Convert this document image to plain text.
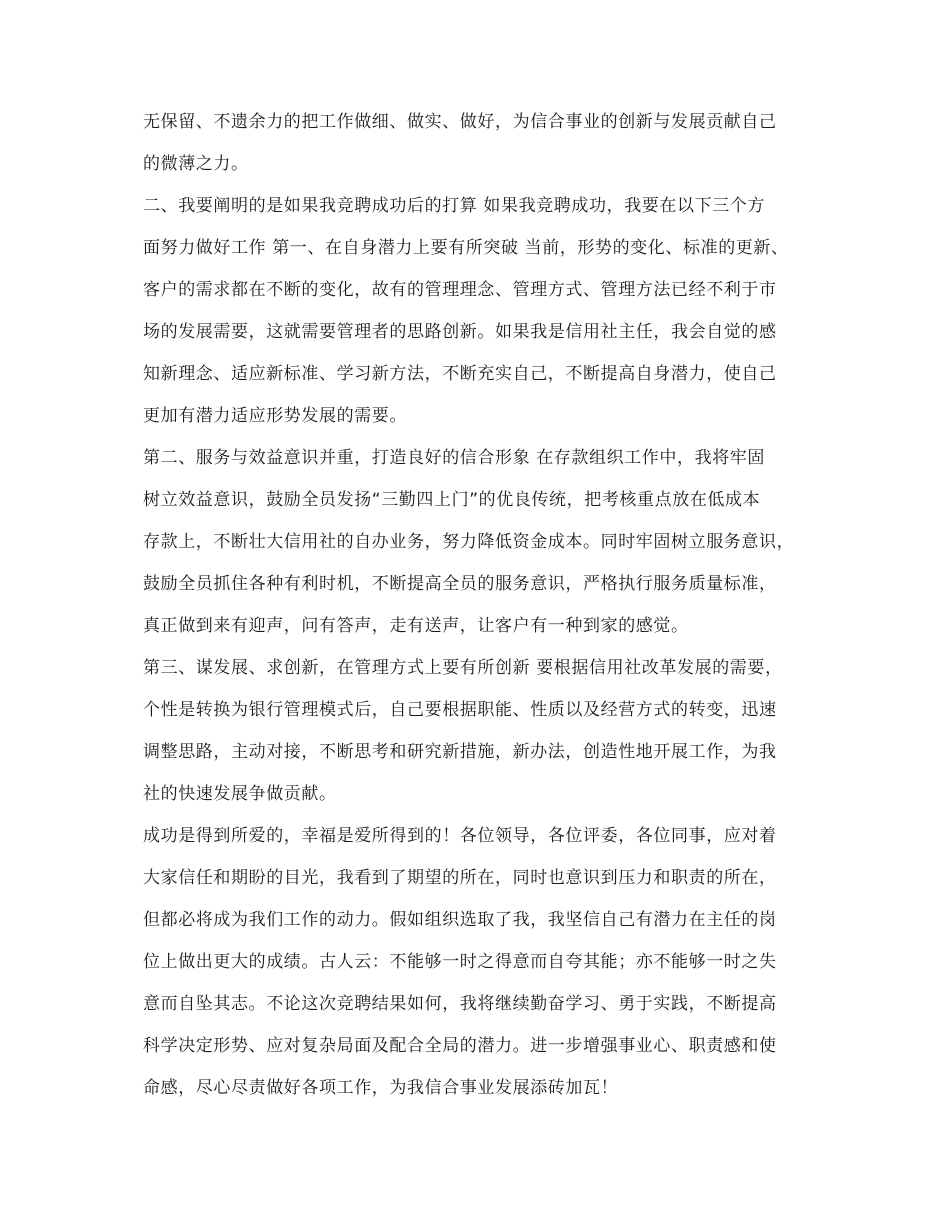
无保留、不遗余力的把工作做细、做实、做好，为信合事业的创新与发展贡献自己
的微薄之力。
二、我要阐明的是如果我竞聘成功后的打算 如果我竞聘成功，我要在以下三个方
面努力做好工作 第一、在自身潜力上要有所突破 当前，形势的变化、标准的更新、
客户的需求都在不断的变化，故有的管理理念、管理方式、管理方法已经不利于市
场的发展需要，这就需要管理者的思路创新。如果我是信用社主任，我会自觉的感
知新理念、适应新标准、学习新方法，不断充实自己，不断提高自身潜力，使自己
更加有潜力适应形势发展的需要。
第二、服务与效益意识并重，打造良好的信合形象 在存款组织工作中，我将牢固
树立效益意识，鼓励全员发扬“三勤四上门”的优良传统，把考核重点放在低成本
存款上，不断壮大信用社的自办业务，努力降低资金成本。同时牢固树立服务意识，
鼓励全员抓住各种有利时机，不断提高全员的服务意识，严格执行服务质量标准，
真正做到来有迎声，问有答声，走有送声，让客户有一种到家的感觉。
第三、谋发展、求创新，在管理方式上要有所创新 要根据信用社改革发展的需要，
个性是转换为银行管理模式后，自己要根据职能、性质以及经营方式的转变，迅速
调整思路，主动对接，不断思考和研究新措施，新办法，创造性地开展工作，为我
社的快速发展争做贡献。
成功是得到所爱的，幸福是爱所得到的！各位领导，各位评委，各位同事，应对着
大家信任和期盼的目光，我看到了期望的所在，同时也意识到压力和职责的所在，
但都必将成为我们工作的动力。假如组织选取了我，我坚信自己有潜力在主任的岗
位上做出更大的成绩。古人云：不能够一时之得意而自夸其能；亦不能够一时之失
意而自坠其志。不论这次竞聘结果如何，我将继续勤奋学习、勇于实践，不断提高
科学决定形势、应对复杂局面及配合全局的潜力。进一步增强事业心、职责感和使
命感，尽心尽责做好各项工作，为我信合事业发展添砖加瓦！
